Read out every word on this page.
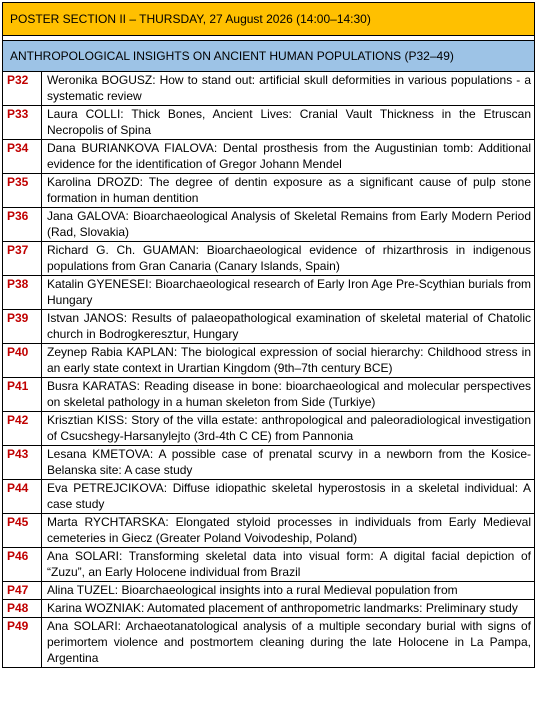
POSTER SECTION II – THURSDAY, 27 August 2026 (14:00–14:30)	

ANTHROPOLOGICAL INSIGHTS ON ANCIENT HUMAN POPULATIONS (P32–49)	
P32	Weronika BOGUSZ: How to stand out: artificial skull deformities in various populations - a systematic review
P33	Laura COLLI: Thick Bones, Ancient Lives: Cranial Vault Thickness in the Etruscan Necropolis of Spina
P34	Dana BURIANKOVA FIALOVA: Dental prosthesis from the Augustinian tomb: Additional evidence for the identification of Gregor Johann Mendel
P35	Karolina DROZD: The degree of dentin exposure as a significant cause of pulp stone formation in human dentition
P36	Jana GALOVA: Bioarchaeological Analysis of Skeletal Remains from Early Modern Period (Rad, Slovakia)
P37	Richard G. Ch. GUAMAN: Bioarchaeological evidence of rhizarthrosis in indigenous populations from Gran Canaria (Canary Islands, Spain)
P38	Katalin GYENESEI: Bioarchaeological research of Early Iron Age Pre-Scythian burials from Hungary
P39	Istvan JANOS: Results of palaeopathological examination of skeletal material of Chatolic church in Bodrogkeresztur, Hungary
P40	Zeynep Rabia KAPLAN: The biological expression of social hierarchy: Childhood stress in an early state context in Urartian Kingdom (9th–7th century BCE)
P41	Busra KARATAS: Reading disease in bone: bioarchaeological and molecular perspectives on skeletal pathology in a human skeleton from Side (Turkiye)
P42	Krisztian KISS: Story of the villa estate: anthropological and paleoradiological investigation of Csucshegy-Harsanylejto (3rd-4th C CE) from Pannonia
P43	Lesana KMETOVA: A possible case of prenatal scurvy in a newborn from the Kosice-Belanska site: A case study
P44	Eva PETREJCIKOVA: Diffuse idiopathic skeletal hyperostosis in a skeletal individual: A case study
P45	Marta RYCHTARSKA: Elongated styloid processes in individuals from Early Medieval cemeteries in Giecz (Greater Poland Voivodeship, Poland)
P46	Ana SOLARI: Transforming skeletal data into visual form: A digital facial depiction of “Zuzu”, an Early Holocene individual from Brazil
P47	Alina TUZEL: Bioarchaeological insights into a rural Medieval population from
P48	Karina WOZNIAK: Automated placement of anthropometric landmarks: Preliminary study
P49	Ana SOLARI: Archaeotanatological analysis of a multiple secondary burial with signs of perimortem violence and postmortem cleaning during the late Holocene in La Pampa, Argentina
